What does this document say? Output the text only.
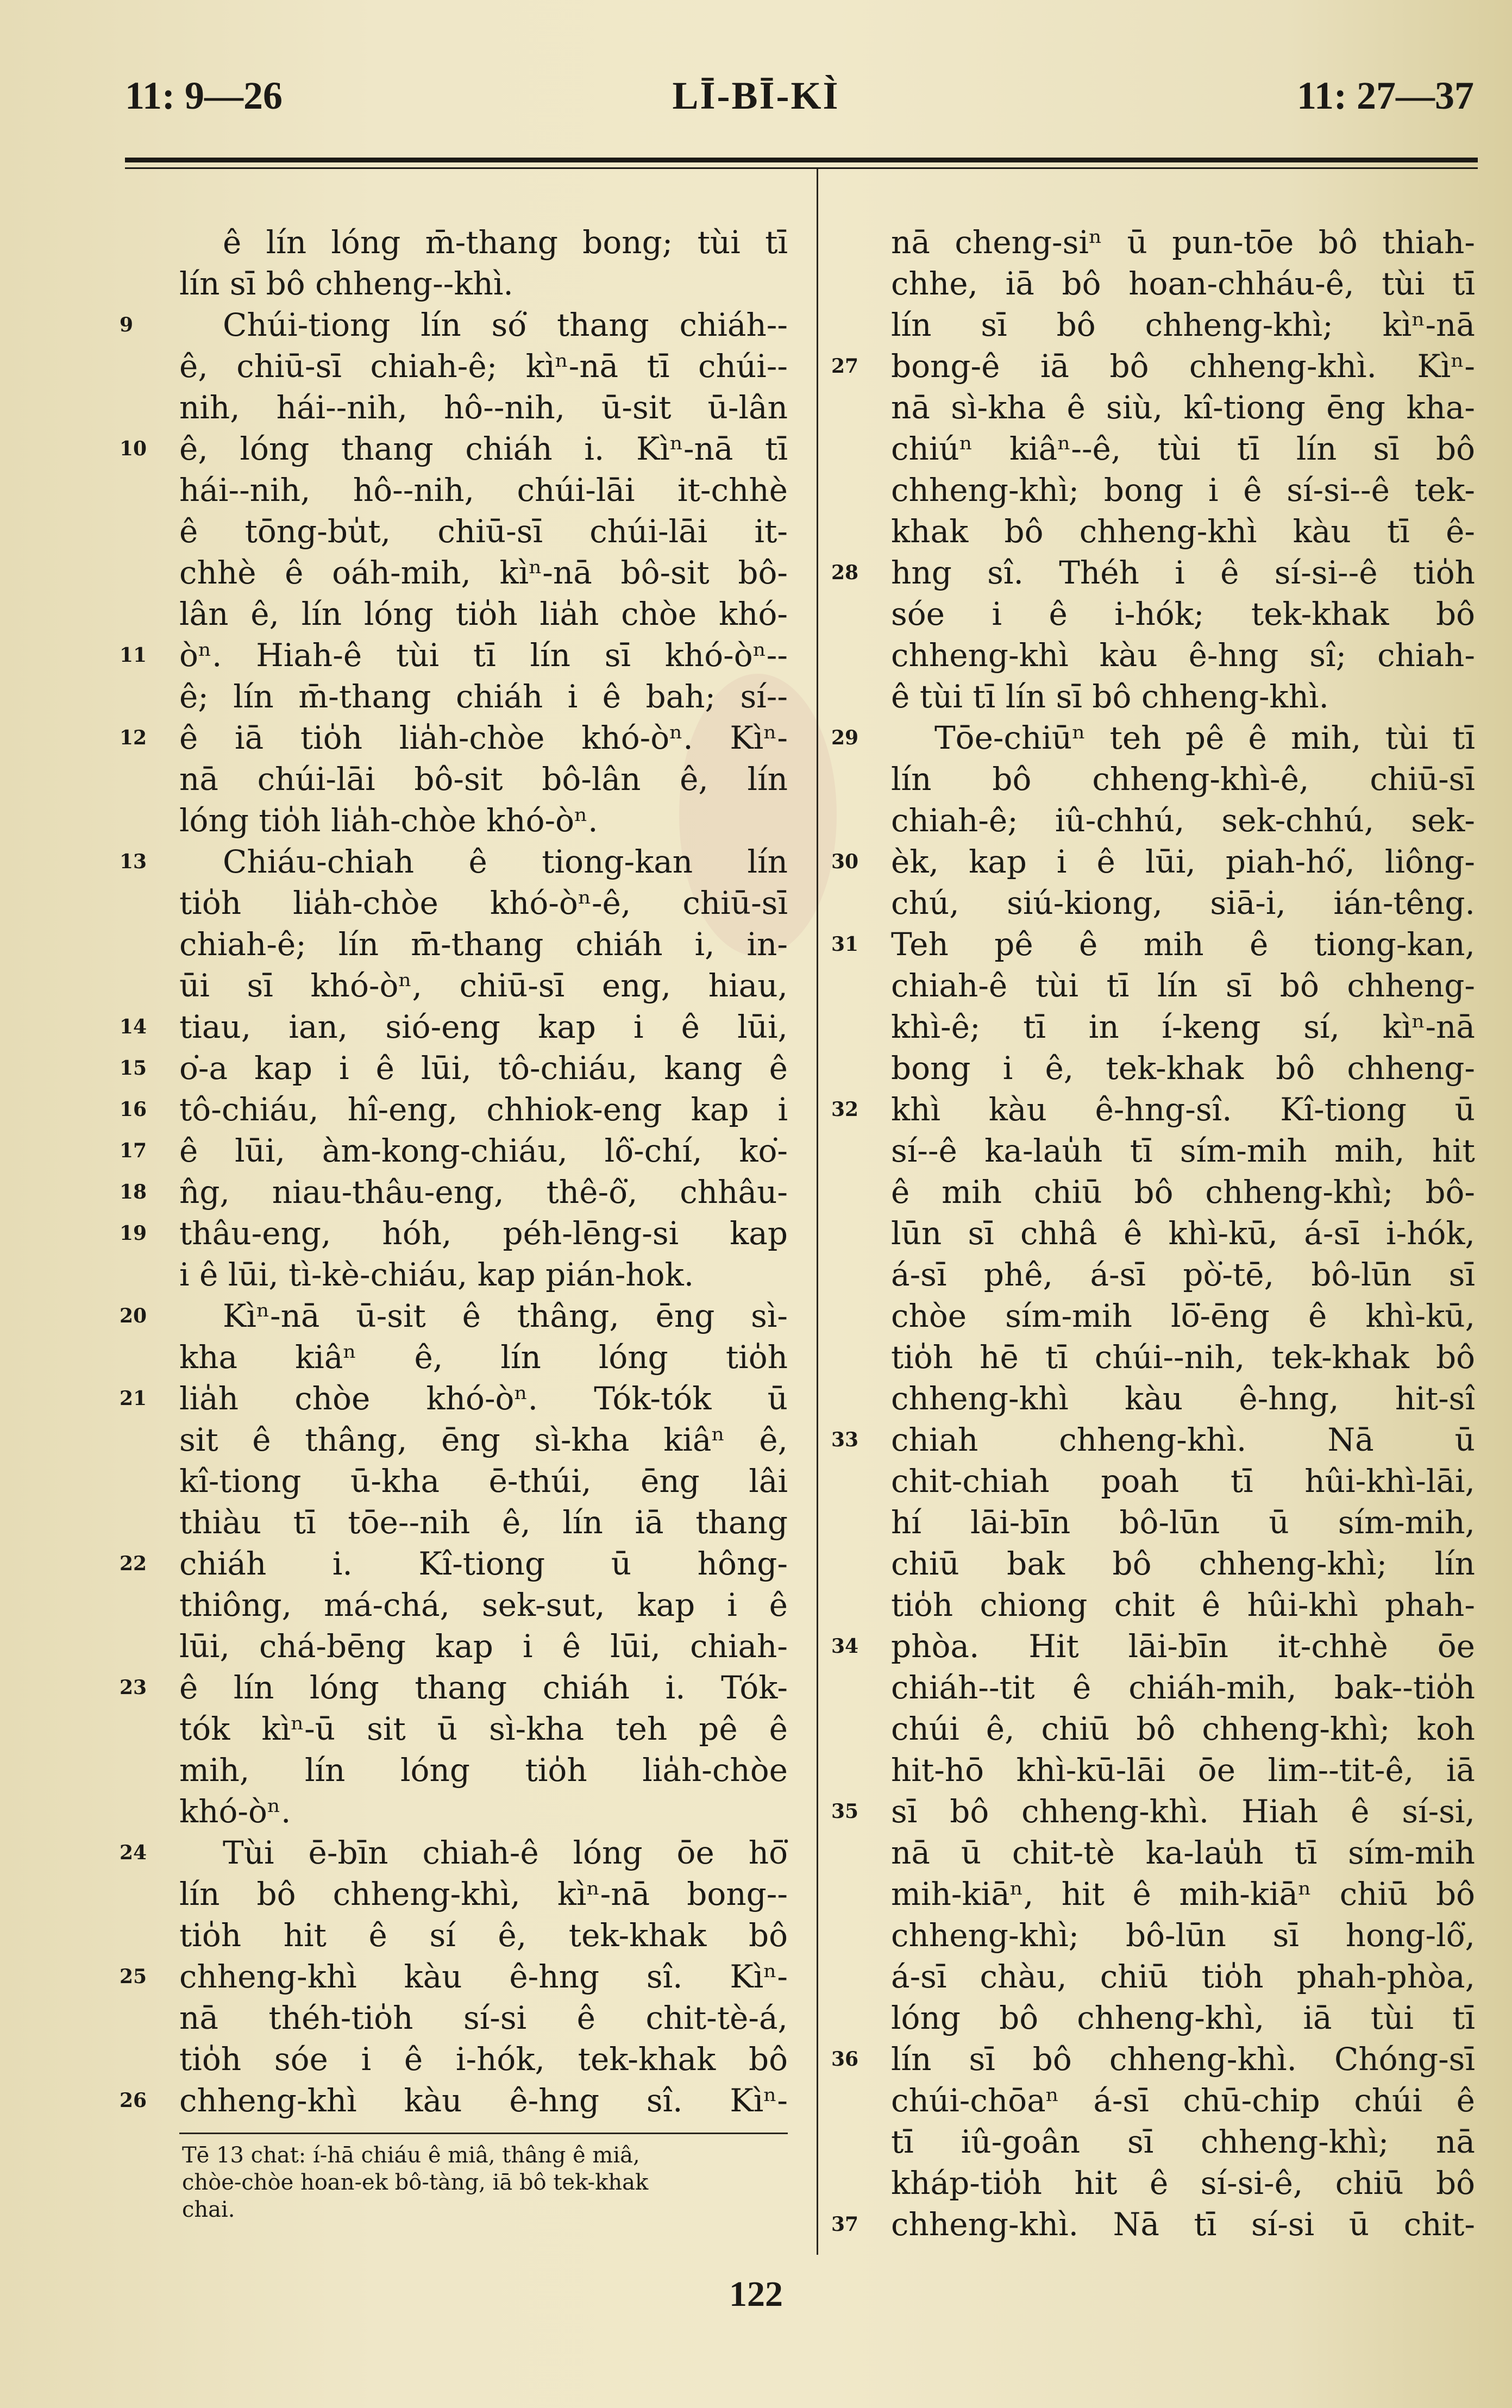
11: 9—26	LĪ-BĪ-KÌ	11: 27—37
ê lín lóng m̄-thang bong; tùi tī
lín sī bô chheng--khì.
9	Chúi-tiong lín só͘ thang chiáh--
ê, chiū-sī chiah-ê; kìⁿ-nā tī chúi--
nih, hái--nih, hô--nih, ū-sit ū-lân
10	ê, lóng thang chiáh i. Kìⁿ-nā tī
hái--nih, hô--nih, chúi-lāi it-chhè
ê tōng-bu̍t, chiū-sī chúi-lāi it-
chhè ê oáh-mih, kìⁿ-nā bô-sit bô-
lân ê, lín lóng tio̍h lia̍h chòe khó-
11	òⁿ. Hiah-ê tùi tī lín sī khó-òⁿ--
ê; lín m̄-thang chiáh i ê bah; sí--
12	ê iā tio̍h lia̍h-chòe khó-òⁿ. Kìⁿ-
nā chúi-lāi bô-sit bô-lân ê, lín
lóng tio̍h lia̍h-chòe khó-òⁿ.
13	Chiáu-chiah ê tiong-kan lín
tio̍h lia̍h-chòe khó-òⁿ-ê, chiū-sī
chiah-ê; lín m̄-thang chiáh i, in-
ūi sī khó-òⁿ, chiū-sī eng, hiau,
14	tiau, ian, sió-eng kap i ê lūi,
15	o͘-a kap i ê lūi, tô-chiáu, kang ê
16	tô-chiáu, hî-eng, chhiok-eng kap i
17	ê lūi, àm-kong-chiáu, lô͘-chí, ko͘-
18	n̂g, niau-thâu-eng, thê-ô͘, chhâu-
19	thâu-eng, hóh, péh-lēng-si kap
i ê lūi, tì-kè-chiáu, kap pián-hok.
20	Kìⁿ-nā ū-sit ê thâng, ēng sì-
kha kiâⁿ ê, lín lóng tio̍h
21	lia̍h chòe khó-òⁿ. Tók-tók ū
sit ê thâng, ēng sì-kha kiâⁿ ê,
kî-tiong ū-kha ē-thúi, ēng lâi
thiàu tī tōe--nih ê, lín iā thang
22	chiáh i. Kî-tiong ū hông-
thiông, má-chá, sek-sut, kap i ê
lūi, chá-bēng kap i ê lūi, chiah-
23	ê lín lóng thang chiáh i. Tók-
tók kìⁿ-ū sit ū sì-kha teh pê ê
mih, lín lóng tio̍h lia̍h-chòe
khó-òⁿ.
24	Tùi ē-bīn chiah-ê lóng ōe hō͘
lín bô chheng-khì, kìⁿ-nā bong--
tio̍h hit ê sí ê, tek-khak bô
25	chheng-khì kàu ê-hng sî. Kìⁿ-
nā théh-tio̍h sí-si ê chit-tè-á,
tio̍h sóe i ê i-hók, tek-khak bô
26	chheng-khì kàu ê-hng sî. Kìⁿ-
nā cheng-siⁿ ū pun-tōe bô thiah-
chhe, iā bô hoan-chháu-ê, tùi tī
lín sī bô chheng-khì; kìⁿ-nā
27	bong-ê iā bô chheng-khì. Kìⁿ-
nā sì-kha ê siù, kî-tiong ēng kha-
chiúⁿ kiâⁿ--ê, tùi tī lín sī bô
chheng-khì; bong i ê sí-si--ê tek-
khak bô chheng-khì kàu tī ê-
28	hng sî. Théh i ê sí-si--ê tio̍h
sóe i ê i-hók; tek-khak bô
chheng-khì kàu ê-hng sî; chiah-
ê tùi tī lín sī bô chheng-khì.
29	Tōe-chiūⁿ teh pê ê mih, tùi tī
lín bô chheng-khì-ê, chiū-sī
chiah-ê; iû-chhú, sek-chhú, sek-
30	èk, kap i ê lūi, piah-hó͘, liông-
chú, siú-kiong, siā-i, ián-têng.
31	Teh pê ê mih ê tiong-kan,
chiah-ê tùi tī lín sī bô chheng-
khì-ê; tī in í-keng sí, kìⁿ-nā
bong i ê, tek-khak bô chheng-
32	khì kàu ê-hng-sî. Kî-tiong ū
sí--ê ka-lau̍h tī sím-mih mih, hit
ê mih chiū bô chheng-khì; bô-
lūn sī chhâ ê khì-kū, á-sī i-hók,
á-sī phê, á-sī pò͘-tē, bô-lūn sī
chòe sím-mih lō͘-ēng ê khì-kū,
tio̍h hē tī chúi--nih, tek-khak bô
chheng-khì kàu ê-hng, hit-sî
33	chiah chheng-khì. Nā ū
chit-chiah poah tī hûi-khì-lāi,
hí lāi-bīn bô-lūn ū sím-mih,
chiū bak bô chheng-khì; lín
tio̍h chiong chit ê hûi-khì phah-
34	phòa. Hit lāi-bīn it-chhè ōe
chiáh--tit ê chiáh-mih, bak--tio̍h
chúi ê, chiū bô chheng-khì; koh
hit-hō khì-kū-lāi ōe lim--tit-ê, iā
35	sī bô chheng-khì. Hiah ê sí-si,
nā ū chit-tè ka-lau̍h tī sím-mih
mih-kiāⁿ, hit ê mih-kiāⁿ chiū bô
chheng-khì; bô-lūn sī hong-lô͘,
á-sī chàu, chiū tio̍h phah-phòa,
lóng bô chheng-khì, iā tùi tī
36	lín sī bô chheng-khì. Chóng-sī
chúi-chōaⁿ á-sī chū-chip chúi ê
tī iû-goân sī chheng-khì; nā
kháp-tio̍h hit ê sí-si-ê, chiū bô
37	chheng-khì. Nā tī sí-si ū chit-
Tē 13 chat: í-hā chiáu ê miâ, thâng ê miâ,
chòe-chòe hoan-ek bô-tàng, iā bô tek-khak
chai.
122
